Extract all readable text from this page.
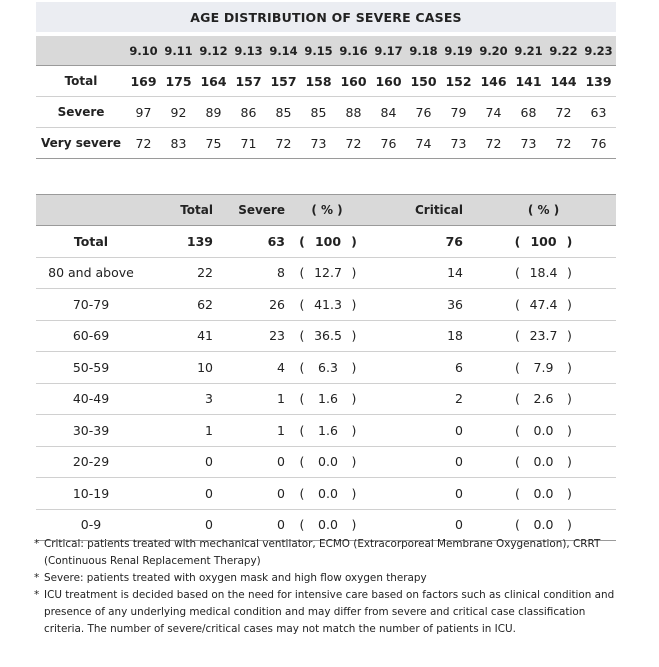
AGE DISTRIBUTION OF SEVERE CASES
	9.10	9.11	9.12	9.13	9.14	9.15	9.16	9.17	9.18	9.19	9.20	9.21	9.22	9.23
Total	169	175	164	157	157	158	160	160	150	152	146	141	144	139
Severe	97	92	89	86	85	85	88	84	76	79	74	68	72	63
Very severe	72	83	75	71	72	73	72	76	74	73	72	73	72	76
	Total	Severe	( % )	Critical	( % )
Total	139	63	( 100 )	76	( 100 )
80 and above	22	8	( 12.7 )	14	( 18.4 )
70-79	62	26	( 41.3 )	36	( 47.4 )
60-69	41	23	( 36.5 )	18	( 23.7 )
50-59	10	4	( 6.3 )	6	( 7.9 )
40-49	3	1	( 1.6 )	2	( 2.6 )
30-39	1	1	( 1.6 )	0	( 0.0 )
20-29	0	0	( 0.0 )	0	( 0.0 )
10-19	0	0	( 0.0 )	0	( 0.0 )
0-9	0	0	( 0.0 )	0	( 0.0 )
* Critical: patients treated with mechanical ventilator, ECMO (Extracorporeal Membrane Oxygenation), CRRT (Continuous Renal Replacement Therapy)
* Severe: patients treated with oxygen mask and high flow oxygen therapy
* ICU treatment is decided based on the need for intensive care based on factors such as clinical condition and presence of any underlying medical condition and may differ from severe and critical case classification criteria. The number of severe/critical cases may not match the number of patients in ICU.
